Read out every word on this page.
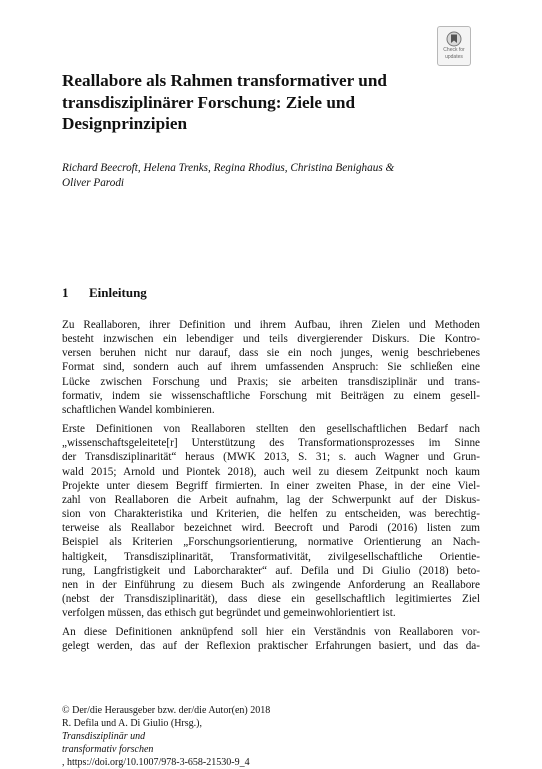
Check for
updates
Reallabore als Rahmen transformativer und
transdisziplinärer Forschung: Ziele und
Designprinzipien
Richard Beecroft, Helena Trenks, Regina Rhodius, Christina Benighaus &
Oliver Parodi
1 Einleitung

Zu Reallaboren, ihrer Definition und ihrem Aufbau, ihren Zielen und Methoden
besteht inzwischen ein lebendiger und teils divergierender Diskurs. Die Kontro-
versen beruhen nicht nur darauf, dass sie ein noch junges, wenig beschriebenes
Format sind, sondern auch auf ihrem umfassenden Anspruch: Sie schließen eine
Lücke zwischen Forschung und Praxis; sie arbeiten transdisziplinär und trans-
formativ, indem sie wissenschaftliche Forschung mit Beiträgen zu einem gesell-
schaftlichen Wandel kombinieren.

Erste Definitionen von Reallaboren stellten den gesellschaftlichen Bedarf nach
„wissenschaftsgeleitete[r] Unterstützung des Transformationsprozesses im Sinne
der Transdisziplinarität“ heraus (MWK 2013, S. 31; s. auch Wagner und Grun-
wald 2015; Arnold und Piontek 2018), auch weil zu diesem Zeitpunkt noch kaum
Projekte unter diesem Begriff firmierten. In einer zweiten Phase, in der eine Viel-
zahl von Reallaboren die Arbeit aufnahm, lag der Schwerpunkt auf der Diskus-
sion von Charakteristika und Kriterien, die helfen zu entscheiden, was berechtig-
terweise als Reallabor bezeichnet wird. Beecroft und Parodi (2016) listen zum
Beispiel als Kriterien „Forschungsorientierung, normative Orientierung an Nach-
haltigkeit, Transdisziplinarität, Transformativität, zivilgesellschaftliche Orientie-
rung, Langfristigkeit und Laborcharakter“ auf. Defila und Di Giulio (2018) beto-
nen in der Einführung zu diesem Buch als zwingende Anforderung an Reallabore
(nebst der Transdisziplinarität), dass diese ein gesellschaftlich legitimiertes Ziel
verfolgen müssen, das ethisch gut begründet und gemeinwohlorientiert ist.

An diese Definitionen anknüpfend soll hier ein Verständnis von Reallaboren vor-
gelegt werden, das auf der Reflexion praktischer Erfahrungen basiert, und das da-

© Der/die Herausgeber bzw. der/die Autor(en) 2018
R. Defila und A. Di Giulio (Hrsg.),
Transdisziplinär und
transformativ forschen
, https://doi.org/10.1007/978-3-658-21530-9_4
